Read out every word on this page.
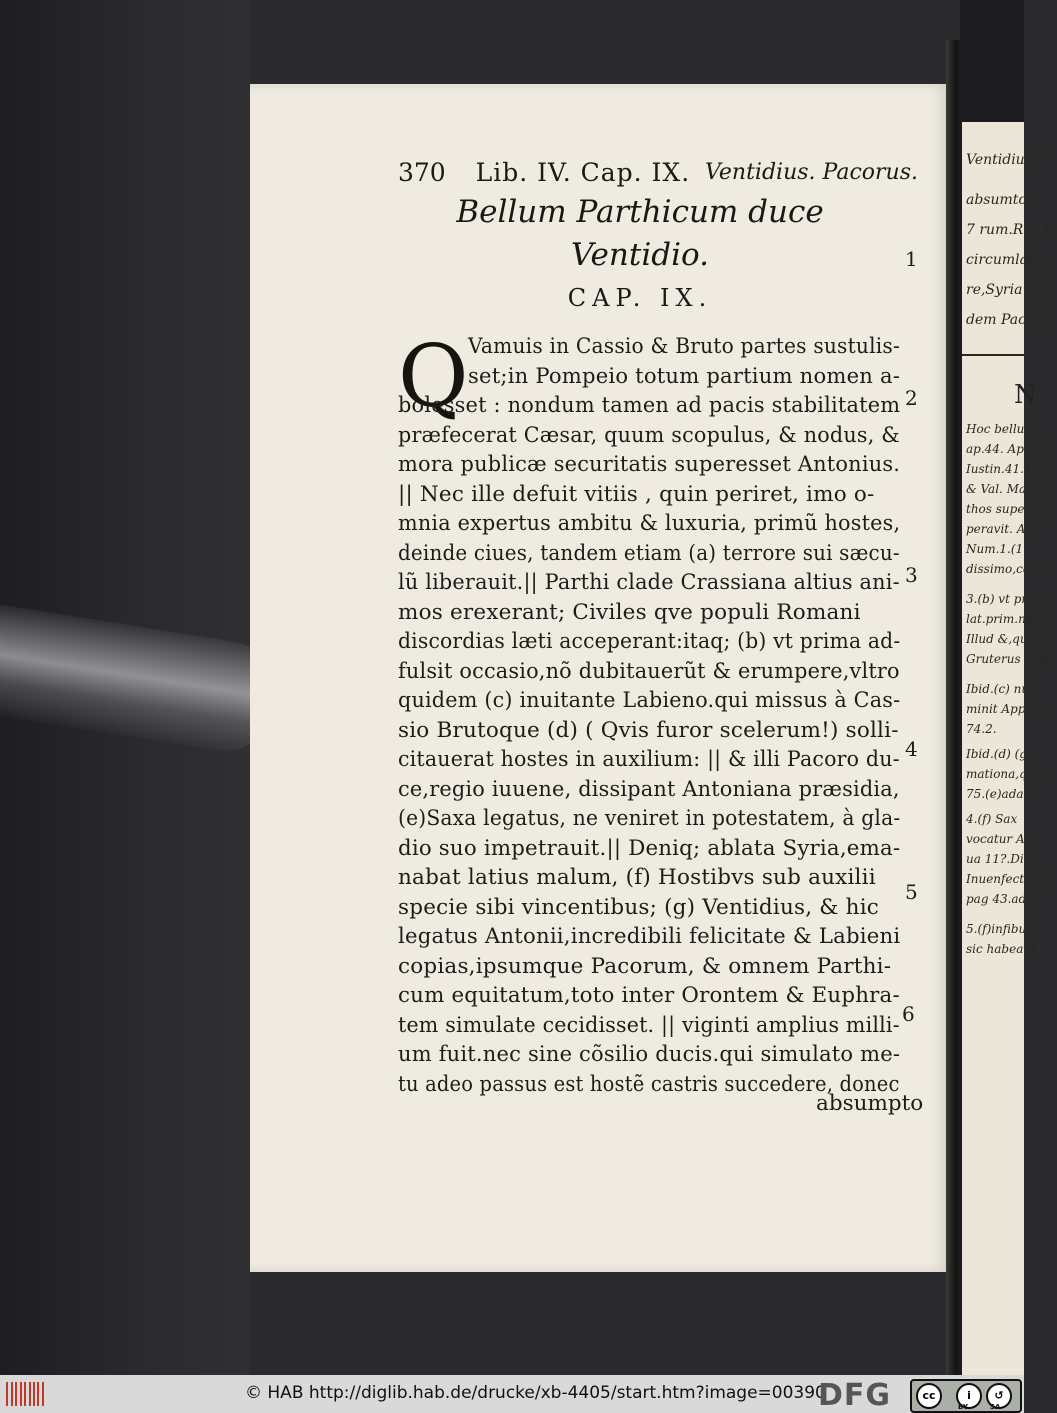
370 Lib. IV. Cap. IX. Ventidius. Pacorus.
Bellum Parthicum duce
Ventidio.
CAP. IX.
Q Vamuis in Cassio & Bruto partes sustulis-
set;in Pompeio totum partium nomen a-
bolesset : nondum tamen ad pacis stabilitatem
præfecerat Cæsar, quum scopulus, & nodus, &
mora publicæ securitatis superesset Antonius.
|| Nec ille defuit vitiis , quin periret, imo o-
mnia expertus ambitu & luxuria, primũ hostes,
deinde ciues, tandem etiam (a) terrore sui sæcu-
lũ liberauit.|| Parthi clade Crassiana altius ani-
mos erexerant; Civiles qve populi Romani
discordias læti acceperant:itaq; (b) vt prima ad-
fulsit occasio,nõ dubitauerũt & erumpere,vltro
quidem (c) inuitante Labieno.qui missus à Cas-
sio Brutoque (d) ( Qvis furor scelerum!) solli-
citauerat hostes in auxilium: || & illi Pacoro du-
ce,regio iuuene, dissipant Antoniana præsidia,
(e)Saxa legatus, ne veniret in potestatem, à gla-
dio suo impetrauit.|| Deniq; ablata Syria,ema-
nabat latius malum, (f) Hostibvs sub auxilii
specie sibi vincentibus; (g) Ventidius, & hic
legatus Antonii,incredibili felicitate & Labieni
copias,ipsumque Pacorum, & omnem Parthi-
cum equitatum,toto inter Orontem & Euphra-
tem simulate cecidisset. || viginti amplius milli-
um fuit.nec sine cõsilio ducis.qui simulato me-
tu adeo passus est hostẽ castris succedere, donec
1
2
3
4
5
6
absumpto
Ventidius P
absumto i
7 rum.Rex fe
circumlato
re,Syria fin
dem Pacori
N
Hoc bellum
ap.44. Appia
Iustin.41.4.7
& Val. Max. 6
thos superati
peravit. Aud
Num.1.(1
dissimo,cere
3.(b) vt prim
lat.prim.nam
Illud &,quod
Gruterus Nos
Ibid.(c) nua
minit Appiani
74.2.
Ibid.(d) (g
mationa,qua
75.(e)adali
4.(f) Sax
vocatur App
ua 11?.Dici
Inuenfectum
pag 43.adio
5.(f)infibu
sic habeant
© HAB http://diglib.hab.de/drucke/xb-4405/start.htm?image=00390
DFG	cc	i	↺
BY	SA
